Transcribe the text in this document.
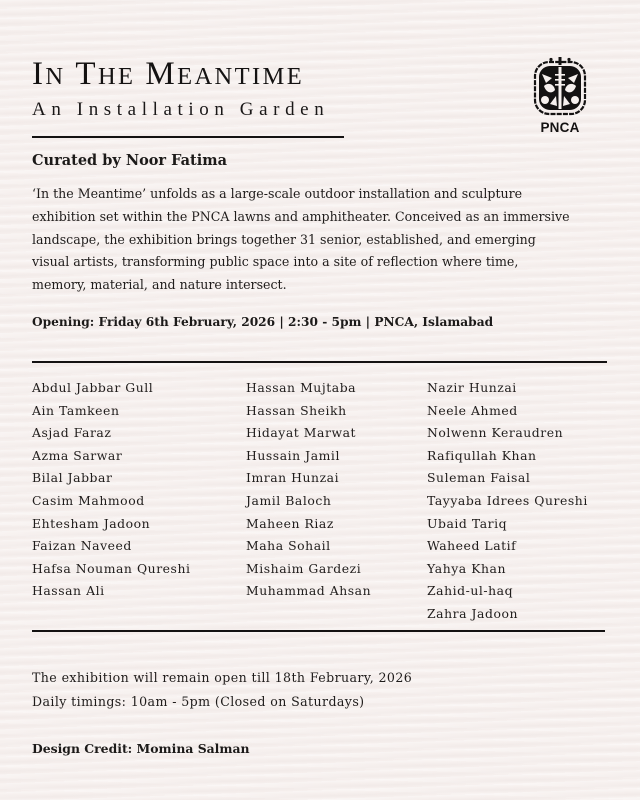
IN THE MEANTIME
An Installation Garden
PNCA
Curated by Noor Fatima
‘In the Meantime’ unfolds as a large-scale outdoor installation and sculpture
exhibition set within the PNCA lawns and amphitheater. Conceived as an immersive
landscape, the exhibition brings together 31 senior, established, and emerging
visual artists, transforming public space into a site of reflection where time,
memory, material, and nature intersect.
Opening: Friday 6th February, 2026 | 2:30 - 5pm | PNCA, Islamabad
Abdul Jabbar Gull
Ain Tamkeen
Asjad Faraz
Azma Sarwar
Bilal Jabbar
Casim Mahmood
Ehtesham Jadoon
Faizan Naveed
Hafsa Nouman Qureshi
Hassan Ali
Hassan Mujtaba
Hassan Sheikh
Hidayat Marwat
Hussain Jamil
Imran Hunzai
Jamil Baloch
Maheen Riaz
Maha Sohail
Mishaim Gardezi
Muhammad Ahsan
Nazir Hunzai
Neele Ahmed
Nolwenn Keraudren
Rafiqullah Khan
Suleman Faisal
Tayyaba Idrees Qureshi
Ubaid Tariq
Waheed Latif
Yahya Khan
Zahid-ul-haq
Zahra Jadoon
The exhibition will remain open till 18th February, 2026
Daily timings: 10am - 5pm (Closed on Saturdays)
Design Credit: Momina Salman
